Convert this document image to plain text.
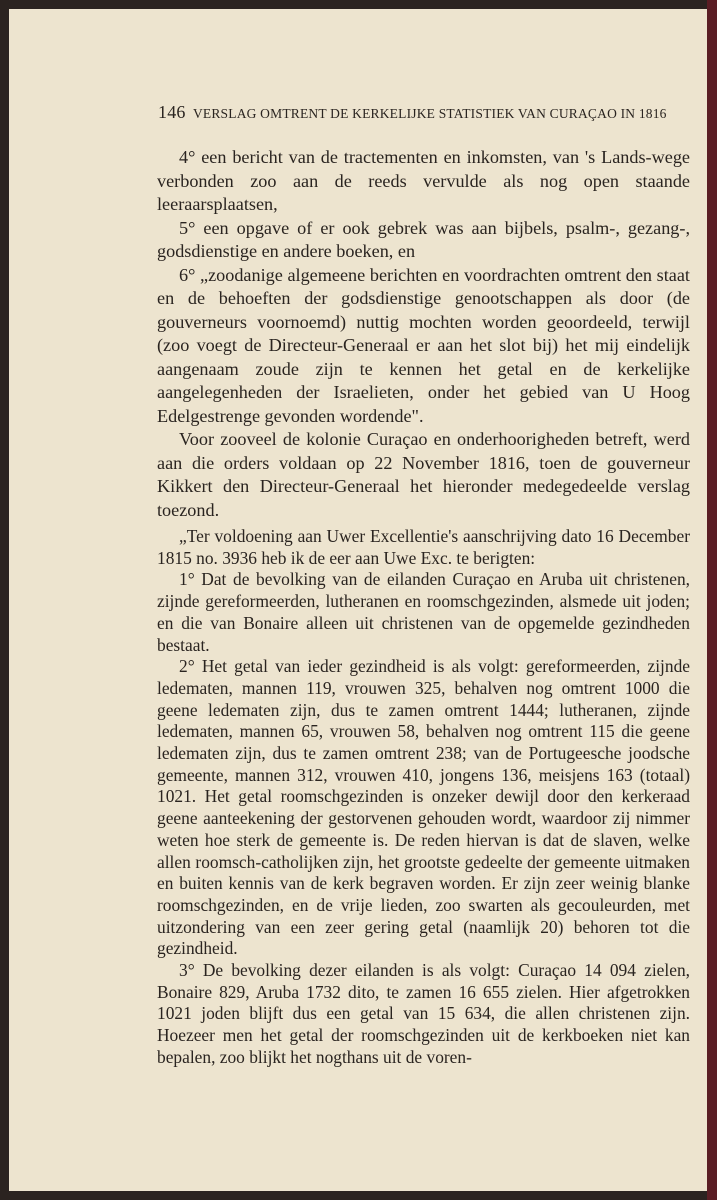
146 VERSLAG OMTRENT DE KERKELIJKE STATISTIEK VAN CURAÇAO IN 1816

4° een bericht van de tractementen en inkomsten, van 's Lands-wege verbonden zoo aan de reeds vervulde als nog open staande leeraarsplaatsen,

5° een opgave of er ook gebrek was aan bijbels, psalm-, gezang-, godsdienstige en andere boeken, en

6° „zoodanige algemeene berichten en voordrachten omtrent den staat en de behoeften der godsdienstige genootschappen als door (de gouverneurs voornoemd) nuttig mochten worden geoordeeld, terwijl (zoo voegt de Directeur-Generaal er aan het slot bij) het mij eindelijk aangenaam zoude zijn te kennen het getal en de kerkelijke aangelegenheden der Israelieten, onder het gebied van U Hoog Edelgestrenge gevonden wordende".

Voor zooveel de kolonie Curaçao en onderhoorigheden betreft, werd aan die orders voldaan op 22 November 1816, toen de gouverneur Kikkert den Directeur-Generaal het hieronder medegedeelde verslag toezond.

„Ter voldoening aan Uwer Excellentie's aanschrijving dato 16 December 1815 no. 3936 heb ik de eer aan Uwe Exc. te berigten:

1° Dat de bevolking van de eilanden Curaçao en Aruba uit christenen, zijnde gereformeerden, lutheranen en roomschgezinden, alsmede uit joden; en die van Bonaire alleen uit christenen van de opgemelde gezindheden bestaat.

2° Het getal van ieder gezindheid is als volgt: gereformeerden, zijnde ledematen, mannen 119, vrouwen 325, behalven nog omtrent 1000 die geene ledematen zijn, dus te zamen omtrent 1444; lutheranen, zijnde ledematen, mannen 65, vrouwen 58, behalven nog omtrent 115 die geene ledematen zijn, dus te zamen omtrent 238; van de Portugeesche joodsche gemeente, mannen 312, vrouwen 410, jongens 136, meisjens 163 (totaal) 1021. Het getal roomschgezinden is onzeker dewijl door den kerkeraad geene aanteekening der gestorvenen gehouden wordt, waardoor zij nimmer weten hoe sterk de gemeente is. De reden hiervan is dat de slaven, welke allen roomsch-catholijken zijn, het grootste gedeelte der gemeente uitmaken en buiten kennis van de kerk begraven worden. Er zijn zeer weinig blanke roomschgezinden, en de vrije lieden, zoo swarten als gecouleurden, met uitzondering van een zeer gering getal (naamlijk 20) behoren tot die gezindheid.

3° De bevolking dezer eilanden is als volgt: Curaçao 14 094 zielen, Bonaire 829, Aruba 1732 dito, te zamen 16 655 zielen. Hier afgetrokken 1021 joden blijft dus een getal van 15 634, die allen christenen zijn. Hoezeer men het getal der roomschgezinden uit de kerkboeken niet kan bepalen, zoo blijkt het nogthans uit de voren-
